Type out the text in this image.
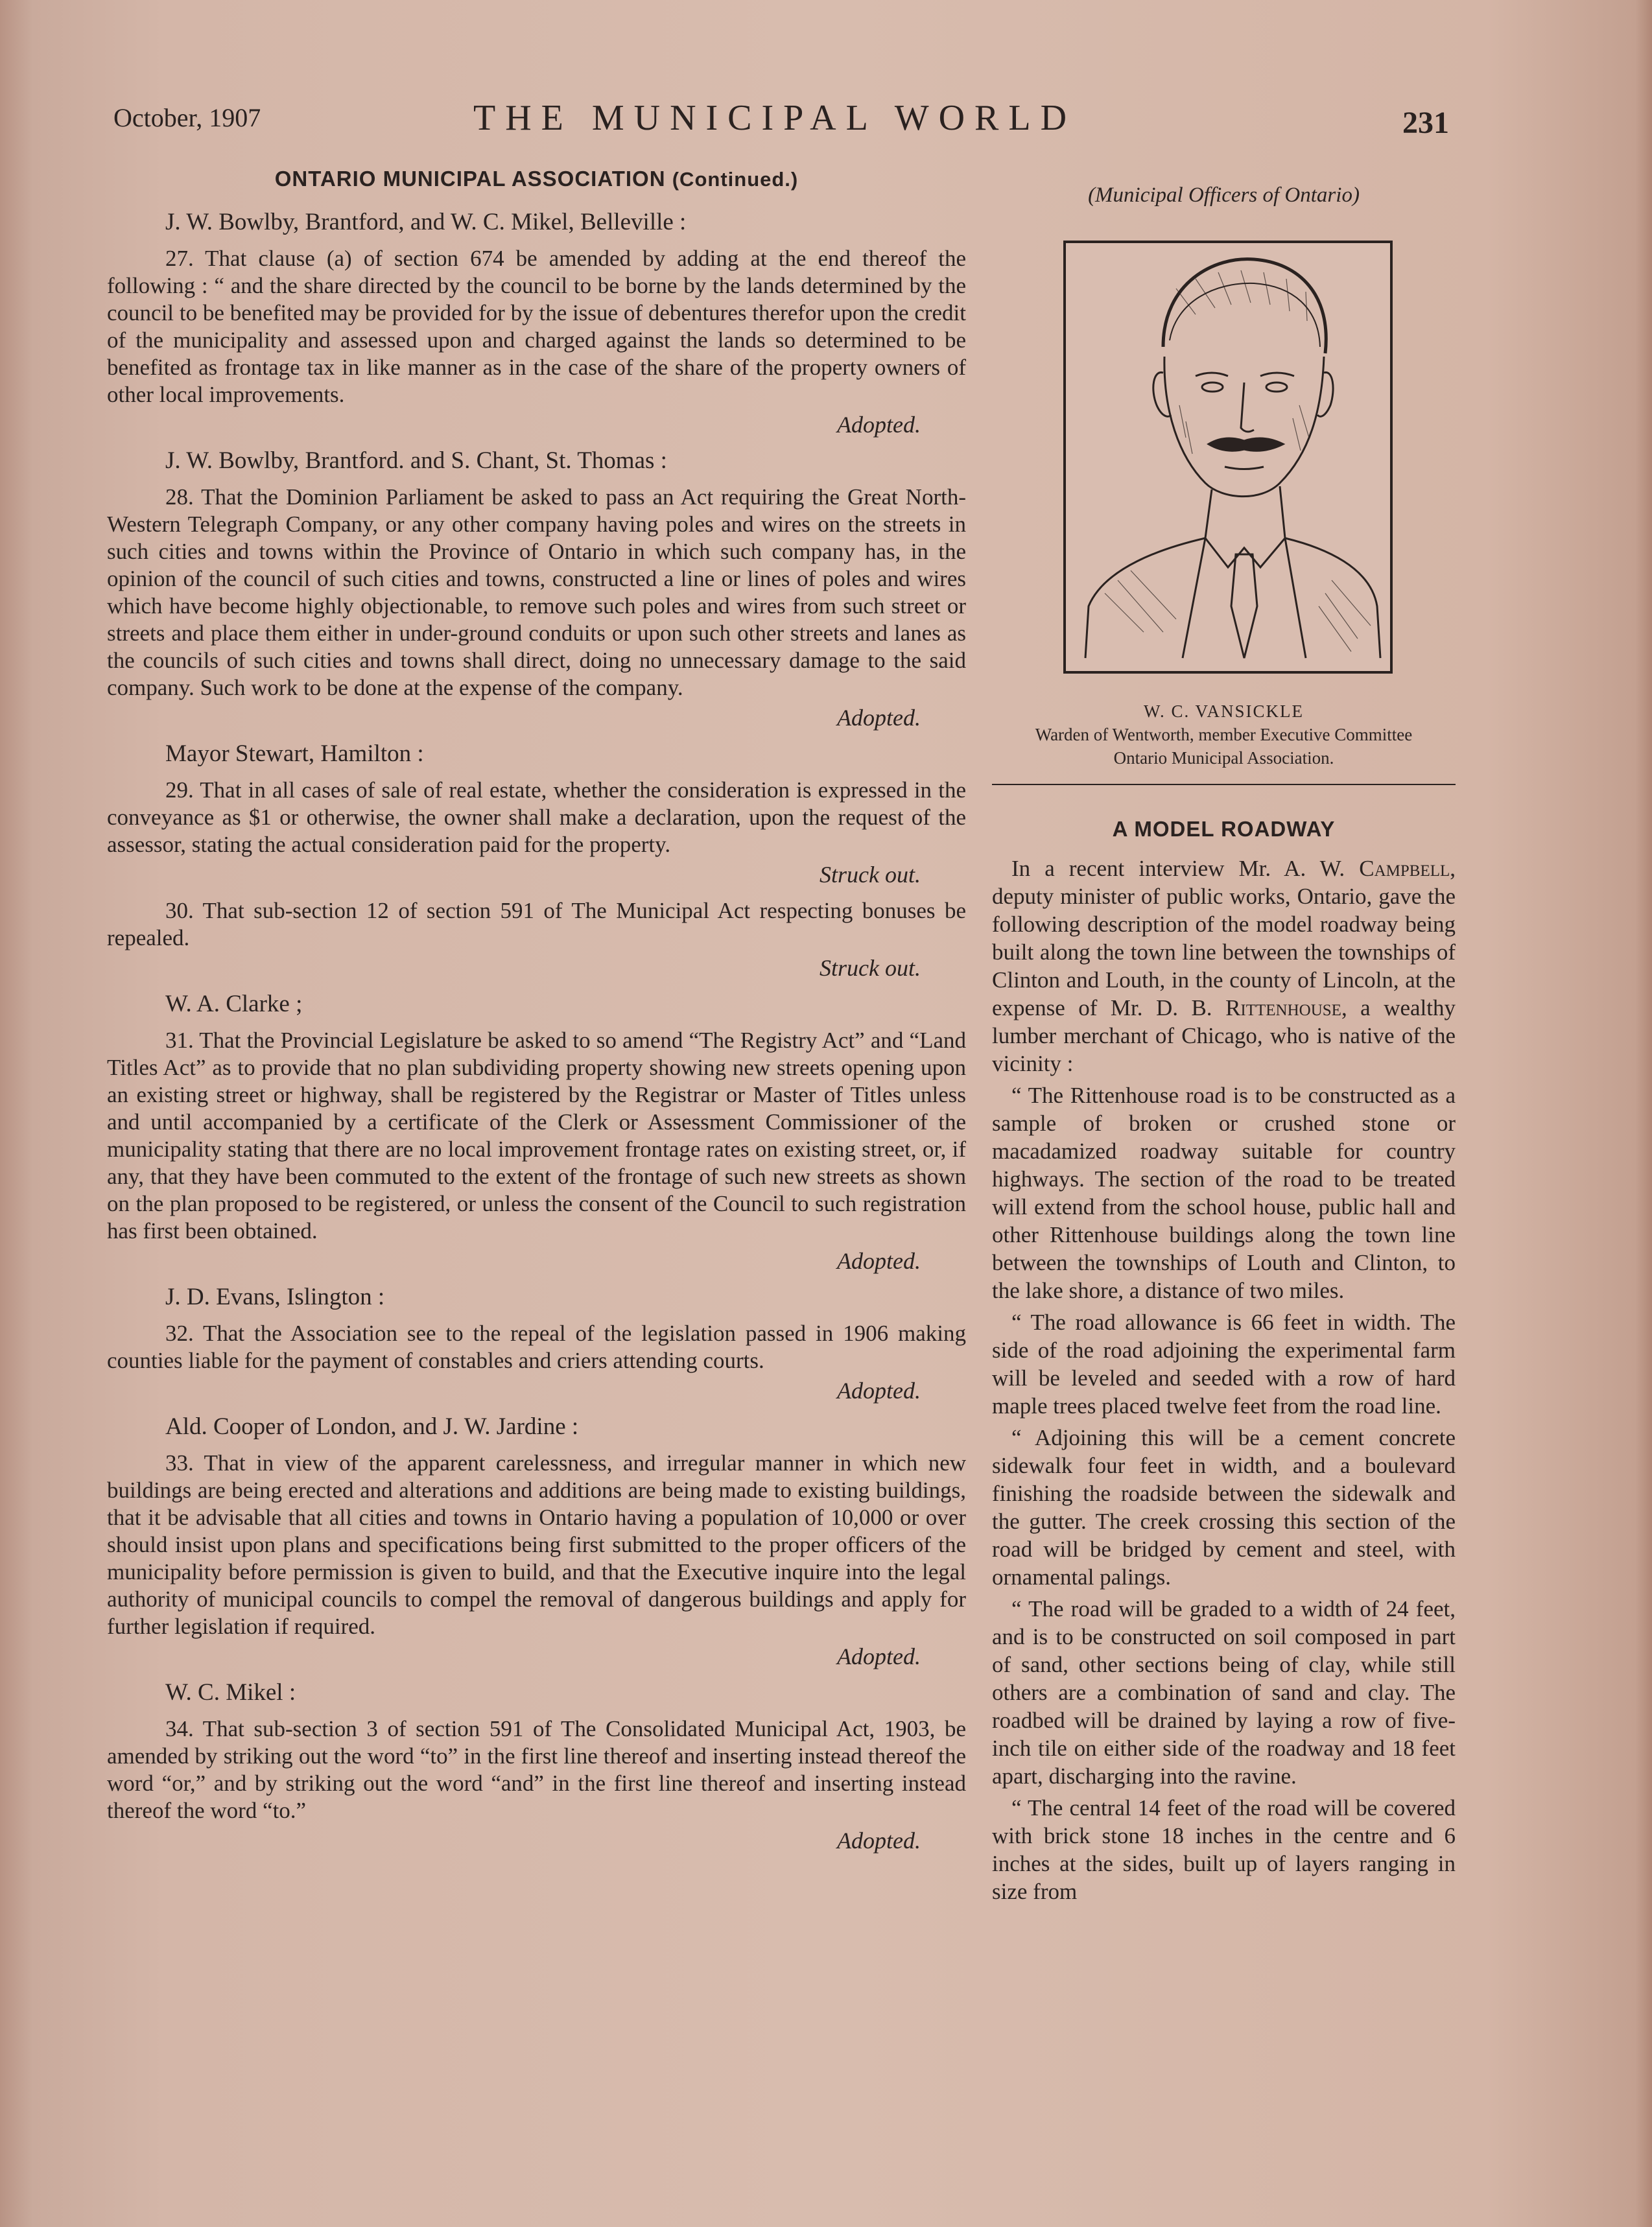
October, 1907	THE MUNICIPAL WORLD	231
ONTARIO MUNICIPAL ASSOCIATION (Continued.)
J. W. Bowlby, Brantford, and W. C. Mikel, Belleville :

27. That clause (a) of section 674 be amended by adding at the end thereof the following : “ and the share directed by the council to be borne by the lands determined by the council to be benefited may be provided for by the issue of debentures therefor upon the credit of the municipality and assessed upon and charged against the lands so determined to be benefited as frontage tax in like manner as in the case of the share of the property owners of other local improvements.

Adopted.
J. W. Bowlby, Brantford. and S. Chant, St. Thomas :

28. That the Dominion Parliament be asked to pass an Act requiring the Great North-Western Telegraph Company, or any other company having poles and wires on the streets in such cities and towns within the Province of Ontario in which such company has, in the opinion of the council of such cities and towns, constructed a line or lines of poles and wires which have become highly objectionable, to remove such poles and wires from such street or streets and place them either in under-ground conduits or upon such other streets and lanes as the councils of such cities and towns shall direct, doing no unnecessary damage to the said company. Such work to be done at the expense of the company.

Adopted.
Mayor Stewart, Hamilton :

29. That in all cases of sale of real estate, whether the consideration is expressed in the conveyance as $1 or otherwise, the owner shall make a declaration, upon the request of the assessor, stating the actual consideration paid for the property.

Struck out.

30. That sub-section 12 of section 591 of The Municipal Act respecting bonuses be repealed.

Struck out.
W. A. Clarke ;

31. That the Provincial Legislature be asked to so amend “The Registry Act” and “Land Titles Act” as to provide that no plan subdividing property showing new streets opening upon an existing street or highway, shall be registered by the Registrar or Master of Titles unless and until accompanied by a certificate of the Clerk or Assessment Commissioner of the municipality stating that there are no local improvement frontage rates on existing street, or, if any, that they have been commuted to the extent of the frontage of such new streets as shown on the plan proposed to be registered, or unless the consent of the Council to such registration has first been obtained.

Adopted.
J. D. Evans, Islington :

32. That the Association see to the repeal of the legislation passed in 1906 making counties liable for the payment of constables and criers attending courts.

Adopted.
Ald. Cooper of London, and J. W. Jardine :

33. That in view of the apparent carelessness, and irregular manner in which new buildings are being erected and alterations and additions are being made to existing buildings, that it be advisable that all cities and towns in Ontario having a population of 10,000 or over should insist upon plans and specifications being first submitted to the proper officers of the municipality before permission is given to build, and that the Executive inquire into the legal authority of municipal councils to compel the removal of dangerous buildings and apply for further legislation if required.

Adopted.
W. C. Mikel :

34. That sub-section 3 of section 591 of The Consolidated Municipal Act, 1903, be amended by striking out the word “to” in the first line thereof and inserting instead thereof the word “or,” and by striking out the word “and” in the first line thereof and inserting instead thereof the word “to.”

Adopted.
(Municipal Officers of Ontario)
W. C. VANSICKLE
Warden of Wentworth, member Executive Committee
Ontario Municipal Association.
A MODEL ROADWAY

In a recent interview Mr. A. W. Campbell, deputy minister of public works, Ontario, gave the following description of the model roadway being built along the town line between the townships of Clinton and Louth, in the county of Lincoln, at the expense of Mr. D. B. Rittenhouse, a wealthy lumber merchant of Chicago, who is native of the vicinity :

“ The Rittenhouse road is to be constructed as a sample of broken or crushed stone or macadamized roadway suitable for country highways. The section of the road to be treated will extend from the school house, public hall and other Rittenhouse buildings along the town line between the townships of Louth and Clinton, to the lake shore, a distance of two miles.

“ The road allowance is 66 feet in width. The side of the road adjoining the experimental farm will be leveled and seeded with a row of hard maple trees placed twelve feet from the road line.

“ Adjoining this will be a cement concrete sidewalk four feet in width, and a boulevard finishing the roadside between the sidewalk and the gutter. The creek crossing this section of the road will be bridged by cement and steel, with ornamental palings.

“ The road will be graded to a width of 24 feet, and is to be constructed on soil composed in part of sand, other sections being of clay, while still others are a combination of sand and clay. The roadbed will be drained by laying a row of five-inch tile on either side of the roadway and 18 feet apart, discharging into the ravine.

“ The central 14 feet of the road will be covered with brick stone 18 inches in the centre and 6 inches at the sides, built up of layers ranging in size from
